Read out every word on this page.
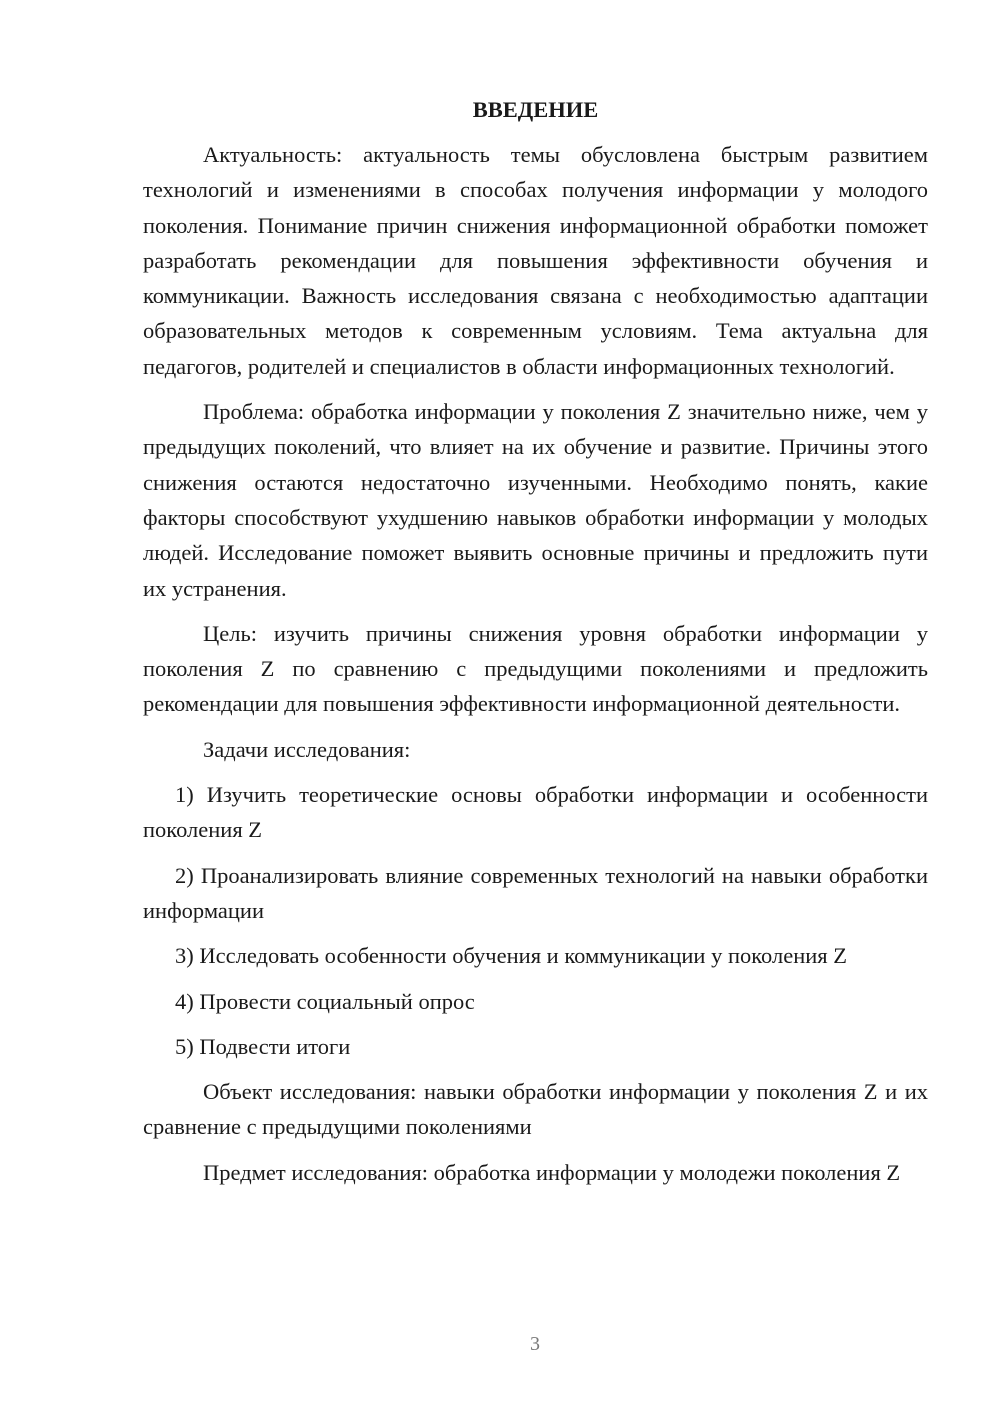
ВВЕДЕНИЕ

Актуальность: актуальность темы обусловлена быстрым развитием технологий и изменениями в способах получения информации у молодого поколения. Понимание причин снижения информационной обработки поможет разработать рекомендации для повышения эффективности обучения и коммуникации. Важность исследования связана с необходимостью адаптации образовательных методов к современным условиям. Тема актуальна для педагогов, родителей и специалистов в области информационных технологий.

Проблема: обработка информации у поколения Z значительно ниже, чем у предыдущих поколений, что влияет на их обучение и развитие. Причины этого снижения остаются недостаточно изученными. Необходимо понять, какие факторы способствуют ухудшению навыков обработки информации у молодых людей. Исследование поможет выявить основные причины и предложить пути их устранения.

Цель: изучить причины снижения уровня обработки информации у поколения Z по сравнению с предыдущими поколениями и предложить рекомендации для повышения эффективности информационной деятельности.

Задачи исследования:

1) Изучить теоретические основы обработки информации и особенности поколения Z

2) Проанализировать влияние современных технологий на навыки обработки информации

3) Исследовать особенности обучения и коммуникации у поколения Z

4) Провести социальный опрос

5) Подвести итоги

Объект исследования: навыки обработки информации у поколения Z и их сравнение с предыдущими поколениями

Предмет исследования: обработка информации у молодежи поколения Z

3
